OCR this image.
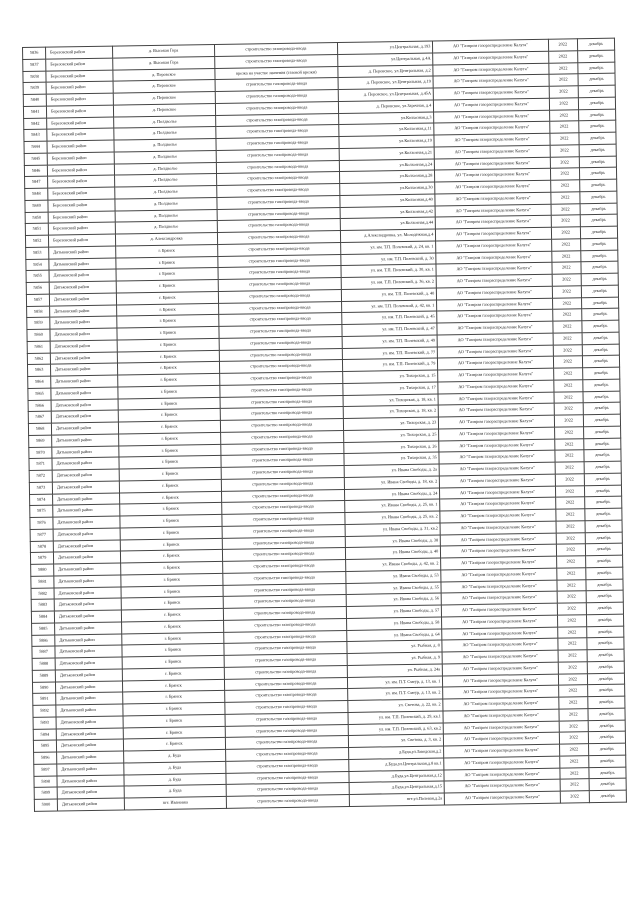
5836	Березовский район	д. Высокая Гора	строительство газопровода-ввода	ул.Центральная, д.193	АО "Газпром газораспределение Калуга"	2022	декабрь
5837	Березовский район	д. Высокая Гора	строительство газопровода-ввода	ул.Центральная, д.4А	АО "Газпром газораспределение Калуга"	2022	декабрь
5838	Березовский район	д. Перовское	врезка на участке значения (газовой врезки)	д. Перовское, ул.Центральная, д.2	АО "Газпром газораспределение Калуга"	2022	декабрь
5839	Березовский район	д. Перовское	строительство газопровода-ввода	д. Перовское, ул.Центральная, д.19	АО "Газпром газораспределение Калуга"	2022	декабрь
5840	Березовский район	д. Перовское	строительство газопровода-ввода	д. Перовское, ул.Центральная, д.45А	АО "Газпром газораспределение Калуга"	2022	декабрь
5841	Березовский район	д. Перовское	строительство газопровода-ввода	д. Перовское, ул.Заречная, д.4	АО "Газпром газораспределение Калуга"	2022	декабрь
5842	Березовский район	д. Полдволье	строительство газопровода-ввода	ул.Колхозная,д.3	АО "Газпром газораспределение Калуга"	2022	декабрь
5843	Березовский район	д. Полдволье	строительство газопровода-ввода	ул.Колхозная,д.11	АО "Газпром газораспределение Калуга"	2022	декабрь
5844	Березовский район	д. Полдволье	строительство газопровода-ввода	ул.Колхозная,д.19	АО "Газпром газораспределение Калуга"	2022	декабрь
5845	Березовский район	д. Полдволье	строительство газопровода-ввода	ул.Колхозная,д.21	АО "Газпром газораспределение Калуга"	2022	декабрь
5846	Березовский район	д. Полдволье	строительство газопровода-ввода	ул.Колхозная,д.24	АО "Газпром газораспределение Калуга"	2022	декабрь
5847	Березовский район	д. Полдволье	строительство газопровода-ввода	ул.Колхозная,д.28	АО "Газпром газораспределение Калуга"	2022	декабрь
5848	Березовский район	д. Полдволье	строительство газопровода-ввода	ул.Колхозная,д.30	АО "Газпром газораспределение Калуга"	2022	декабрь
5849	Березовский район	д. Полдволье	строительство газопровода-ввода	ул.Колхозная,д.40	АО "Газпром газораспределение Калуга"	2022	декабрь
5850	Березовский район	д. Полдволье	строительство газопровода-ввода	ул.Колхозная,д.42	АО "Газпром газораспределение Калуга"	2022	декабрь
5851	Березовский район	д. Полдволье	строительство газопровода-ввода	ул.Колхозная,д.44	АО "Газпром газораспределение Калуга"	2022	декабрь
5852	Березовский район	д. Александровка	строительство газопровода-ввода	д.Александровка, ул. Молодёжная,д.4	АО "Газпром газораспределение Калуга"	2022	декабрь
5853	Дятьковский район	г. Брянск	строительство газопровода-ввода	ул. им. Т.П. Полевский, д. 24, кв. 1	АО "Газпром газораспределение Калуга"	2022	декабрь
5854	Дятьковский район	г. Брянск	строительство газопровода-ввода	ул. им. Т.П. Полевский, д. 30	АО "Газпром газораспределение Калуга"	2022	декабрь
5855	Дятьковский район	г. Брянск	строительство газопровода-ввода	ул. им. Т.П. Полевский, д. 30, кв. 1	АО "Газпром газораспределение Калуга"	2022	декабрь
5856	Дятьковский район	г. Брянск	строительство газопровода-ввода	ул. им. Т.П. Полевский, д. 36, кв. 2	АО "Газпром газораспределение Калуга"	2022	декабрь
5857	Дятьковский район	г. Брянск	строительство газопровода-ввода	ул. им. Т.П. Полевский, д. 40	АО "Газпром газораспределение Калуга"	2022	декабрь
5858	Дятьковский район	г. Брянск	строительство газопровода-ввода	ул. им. Т.П. Полевский, д. 42, кв. 1	АО "Газпром газораспределение Калуга"	2022	декабрь
5859	Дятьковский район	г. Брянск	строительство газопровода-ввода	ул. им. Т.П. Полевский, д. 45	АО "Газпром газораспределение Калуга"	2022	декабрь
5860	Дятьковский район	г. Брянск	строительство газопровода-ввода	ул. им. Т.П. Полевский, д. 47	АО "Газпром газораспределение Калуга"	2022	декабрь
5861	Дятьковский район	г. Брянск	строительство газопровода-ввода	ул. им. Т.П. Полевский, д. 49	АО "Газпром газораспределение Калуга"	2022	декабрь
5862	Дятьковский район	г. Брянск	строительство газопровода-ввода	ул. им. Т.П. Полевский, д. 77	АО "Газпром газораспределение Калуга"	2022	декабрь
5863	Дятьковский район	г. Брянск	строительство газопровода-ввода	ул. им. Т.П. Полевский, д. 79	АО "Газпром газораспределение Калуга"	2022	декабрь
5864	Дятьковский район	г. Брянск	строительство газопровода-ввода	ул. Тихорская, д. 15	АО "Газпром газораспределение Калуга"	2022	декабрь
5865	Дятьковский район	г. Брянск	строительство газопровода-ввода	ул. Тихорская, д. 17	АО "Газпром газораспределение Калуга"	2022	декабрь
5866	Дятьковский район	г. Брянск	строительство газопровода-ввода	ул. Тихорская, д. 18, кв. 1	АО "Газпром газораспределение Калуга"	2022	декабрь
5867	Дятьковский район	г. Брянск	строительство газопровода-ввода	ул. Тихорская, д. 18, кв. 2	АО "Газпром газораспределение Калуга"	2022	декабрь
5868	Дятьковский район	г. Брянск	строительство газопровода-ввода	ул. Тихорская, д. 23	АО "Газпром газораспределение Калуга"	2022	декабрь
5869	Дятьковский район	г. Брянск	строительство газопровода-ввода	ул. Тихорская, д. 25	АО "Газпром газораспределение Калуга"	2022	декабрь
5870	Дятьковский район	г. Брянск	строительство газопровода-ввода	ул. Тихорская, д. 26	АО "Газпром газораспределение Калуга"	2022	декабрь
5871	Дятьковский район	г. Брянск	строительство газопровода-ввода	ул. Тихорская, д. 35	АО "Газпром газораспределение Калуга"	2022	декабрь
5872	Дятьковский район	г. Брянск	строительство газопровода-ввода	ул. Ивана Свободы, д. 2а	АО "Газпром газораспределение Калуга"	2022	декабрь
5873	Дятьковский район	г. Брянск	строительство газопровода-ввода	ул. Ивана Свободы, д. 18, кв. 2	АО "Газпром газораспределение Калуга"	2022	декабрь
5874	Дятьковский район	г. Брянск	строительство газопровода-ввода	ул. Ивана Свободы, д. 24	АО "Газпром газораспределение Калуга"	2022	декабрь
5875	Дятьковский район	г. Брянск	строительство газопровода-ввода	ул. Ивана Свободы, д. 25, кв. 1	АО "Газпром газораспределение Калуга"	2022	декабрь
5876	Дятьковский район	г. Брянск	строительство газопровода-ввода	ул. Ивана Свободы, д. 25, кв. 2	АО "Газпром газораспределение Калуга"	2022	декабрь
5877	Дятьковский район	г. Брянск	строительство газопровода-ввода	ул. Ивана Свободы, д. 31, кв.2	АО "Газпром газораспределение Калуга"	2022	декабрь
5878	Дятьковский район	г. Брянск	строительство газопровода-ввода	ул. Ивана Свободы, д. 38	АО "Газпром газораспределение Калуга"	2022	декабрь
5879	Дятьковский район	г. Брянск	строительство газопровода-ввода	ул. Ивана Свободы, д. 40	АО "Газпром газораспределение Калуга"	2022	декабрь
5880	Дятьковский район	г. Брянск	строительство газопровода-ввода	ул. Ивана Свободы, д. 42, кв. 2	АО "Газпром газораспределение Калуга"	2022	декабрь
5881	Дятьковский район	г. Брянск	строительство газопровода-ввода	ул. Ивана Свободы, д. 53	АО "Газпром газораспределение Калуга"	2022	декабрь
5882	Дятьковский район	г. Брянск	строительство газопровода-ввода	ул. Ивана Свободы, д. 55	АО "Газпром газораспределение Калуга"	2022	декабрь
5883	Дятьковский район	г. Брянск	строительство газопровода-ввода	ул. Ивана Свободы, д. 56	АО "Газпром газораспределение Калуга"	2022	декабрь
5884	Дятьковский район	г. Брянск	строительство газопровода-ввода	ул. Ивана Свободы, д. 57	АО "Газпром газораспределение Калуга"	2022	декабрь
5885	Дятьковский район	г. Брянск	строительство газопровода-ввода	ул. Ивана Свободы, д. 58	АО "Газпром газораспределение Калуга"	2022	декабрь
5886	Дятьковский район	г. Брянск	строительство газопровода-ввода	ул. Ивана Свободы, д. 64	АО "Газпром газораспределение Калуга"	2022	декабрь
5887	Дятьковский район	г. Брянск	строительство газопровода-ввода	ул. Рыбная, д. 8	АО "Газпром газораспределение Калуга"	2022	декабрь
5888	Дятьковский район	г. Брянск	строительство газопровода-ввода	ул. Рыбная, д. 9	АО "Газпром газораспределение Калуга"	2022	декабрь
5889	Дятьковский район	г. Брянск	строительство газопровода-ввода	ул. Рыбная, д. 24а	АО "Газпром газораспределение Калуга"	2022	декабрь
5890	Дятьковский район	г. Брянск	строительство газопровода-ввода	ул. им. П.Т. Смеур, д. 13, кв. 1	АО "Газпром газораспределение Калуга"	2022	декабрь
5891	Дятьковский район	г. Брянск	строительство газопровода-ввода	ул. им. П.Т. Смеур, д. 13, кв. 2	АО "Газпром газораспределение Калуга"	2022	декабрь
5892	Дятьковский район	г. Брянск	строительство газопровода-ввода	ул. Светова, д. 22, кв. 2	АО "Газпром газораспределение Калуга"	2022	декабрь
5893	Дятьковский район	г. Брянск	строительство газопровода-ввода	ул. им. Т.П. Полевский, д. 29, кв.1	АО "Газпром газораспределение Калуга"	2022	декабрь
5894	Дятьковский район	г. Брянск	строительство газопровода-ввода	ул. им. Т.П. Полевский, д. 63, кв.2	АО "Газпром газораспределение Калуга"	2022	декабрь
5895	Дятьковский район	г. Брянск	строительство газопровода-ввода	ул. Светова, д. 3, кв. 2	АО "Газпром газораспределение Калуга"	2022	декабрь
5896	Дятьковский район	д. Буда	строительство газопровода-ввода	д.Буда,ул.Заводская,д.2	АО "Газпром газораспределение Калуга"	2022	декабрь
5897	Дятьковский район	д. Буда	строительство газопровода-ввода	д.Буда,ул.Центральная,д.8 кв.1	АО "Газпром газораспределение Калуга"	2022	декабрь
5898	Дятьковский район	д. Буда	строительство газопровода-ввода	д.Буда,ул.Центральная,д.12	АО "Газпром газораспределение Калуга"	2022	декабрь
5899	Дятьковский район	д. Буда	строительство газопровода-ввода	д.Буда,ул.Центральная,д.15	АО "Газпром газораспределение Калуга"	2022	декабрь
5900	Дятьковский район	пгт. Ивановка	строительство газопровода-ввода	пгт.ул.Полевая,д.2а	АО "Газпром газораспределение Калуга"	2022	декабрь
